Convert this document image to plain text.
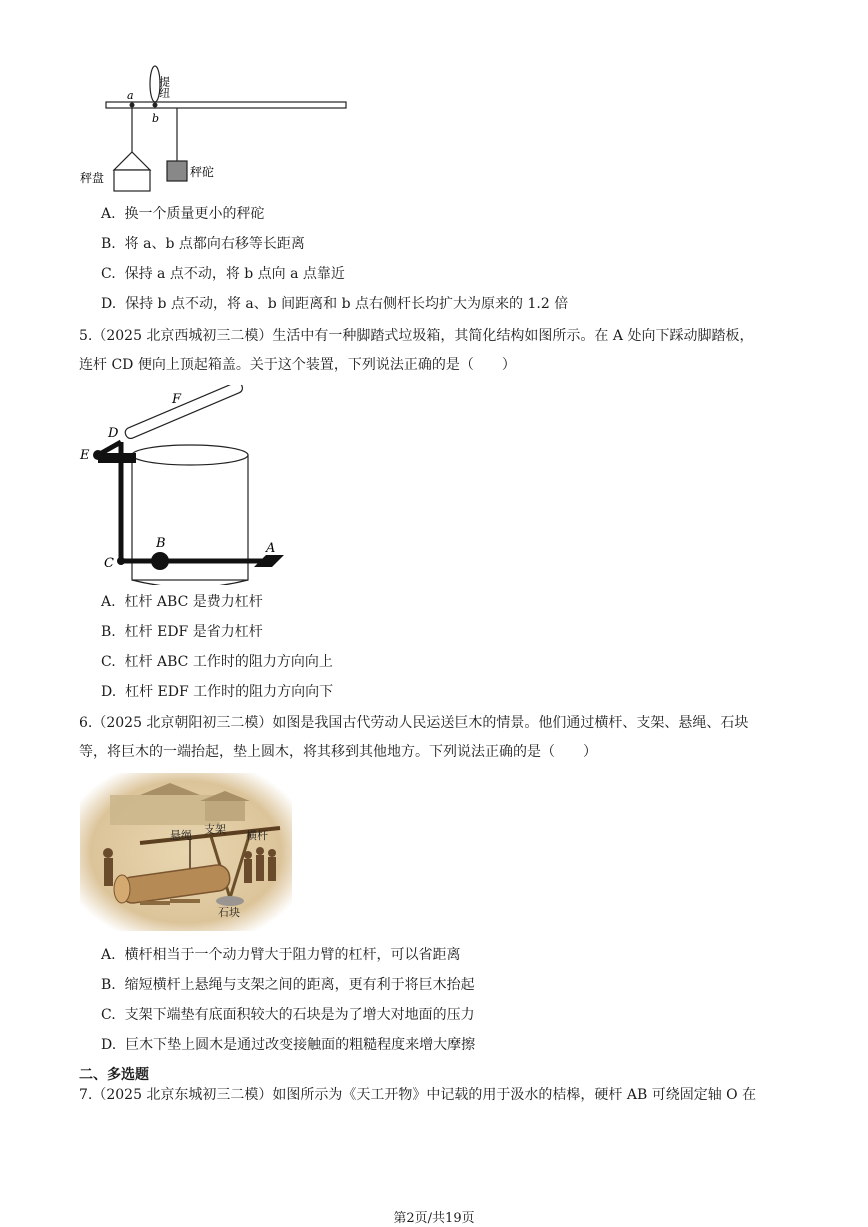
提纽
a
b
秤盘	秤砣
A. 换一个质量更小的秤砣
B. 将 a、b 点都向右移等长距离
C. 保持 a 点不动，将 b 点向 a 点靠近
D. 保持 b 点不动，将 a、b 间距离和 b 点右侧杆长均扩大为原来的 1.2 倍
5.（2025 北京西城初三二模）生活中有一种脚踏式垃圾箱，其简化结构如图所示。在 A 处向下踩动脚踏板，
连杆 CD 便向上顶起箱盖。关于这个装置，下列说法正确的是（　　）
F
D
E
B	A
C
A. 杠杆 ABC 是费力杠杆
B. 杠杆 EDF 是省力杠杆
C. 杠杆 ABC 工作时的阻力方向向上
D. 杠杆 EDF 工作时的阻力方向向下
6.（2025 北京朝阳初三二模）如图是我国古代劳动人民运送巨木的情景。他们通过横杆、支架、悬绳、石块
等，将巨木的一端抬起，垫上圆木，将其移到其他地方。下列说法正确的是（　　）
悬绳 支架 横杆
石块
A. 横杆相当于一个动力臂大于阻力臂的杠杆，可以省距离
B. 缩短横杆上悬绳与支架之间的距离，更有利于将巨木抬起
C. 支架下端垫有底面积较大的石块是为了增大对地面的压力
D. 巨木下垫上圆木是通过改变接触面的粗糙程度来增大摩擦
二、多选题
7.（2025 北京东城初三二模）如图所示为《天工开物》中记载的用于汲水的桔槔，硬杆 AB 可绕固定轴 O 在
第2页/共19页
